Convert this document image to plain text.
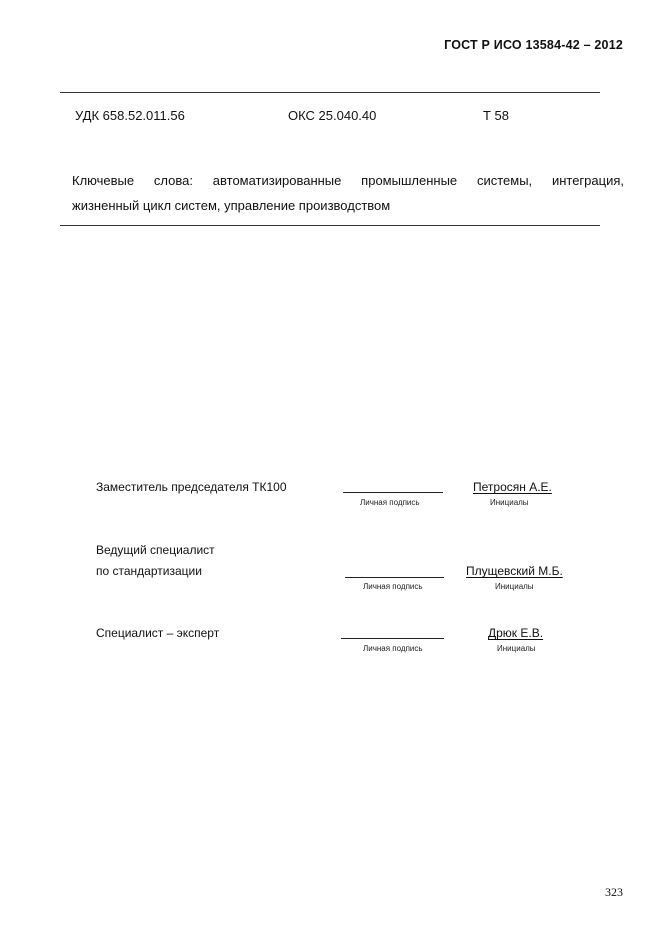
ГОСТ Р ИСО 13584-42 – 2012
УДК 658.52.011.56	ОКС 25.040.40	Т 58
Ключевые слова: автоматизированные промышленные системы, интеграция,
жизненный цикл систем, управление производством
Заместитель председателя ТК100
Личная подпись
Петросян А.Е.
Инициалы
Ведущий специалист
по стандартизации
Личная подпись
Плущевский М.Б.
Инициалы
Специалист – эксперт
Личная подпись
Дрюк Е.В.
Инициалы
323
